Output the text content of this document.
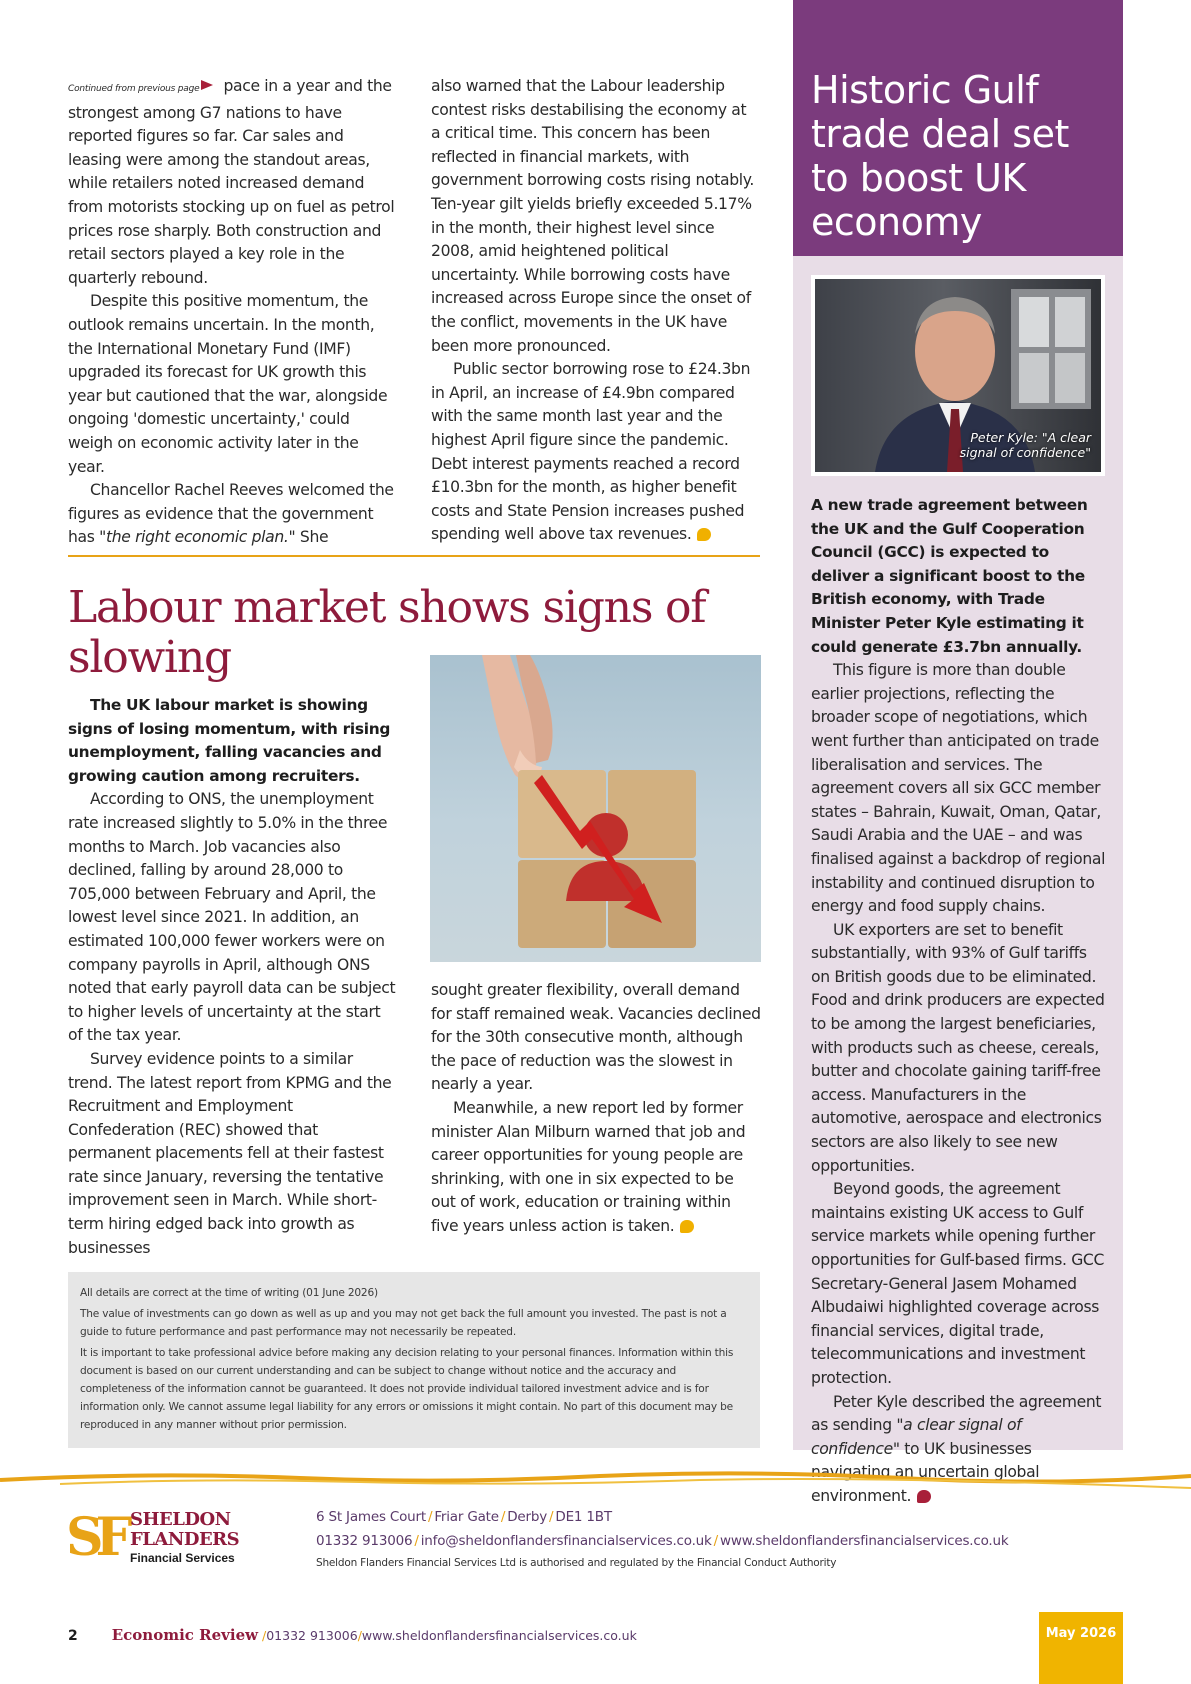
Continued from previous page pace in a year and the strongest among G7 nations to have reported figures so far. Car sales and leasing were among the standout areas, while retailers noted increased demand from motorists stocking up on fuel as petrol prices rose sharply. Both construction and retail sectors played a key role in the quarterly rebound.

Despite this positive momentum, the outlook remains uncertain. In the month, the International Monetary Fund (IMF) upgraded its forecast for UK growth this year but cautioned that the war, alongside ongoing 'domestic uncertainty,' could weigh on economic activity later in the year.

Chancellor Rachel Reeves welcomed the figures as evidence that the government has "the right economic plan." She

also warned that the Labour leadership contest risks destabilising the economy at a critical time. This concern has been reflected in financial markets, with government borrowing costs rising notably. Ten-year gilt yields briefly exceeded 5.17% in the month, their highest level since 2008, amid heightened political uncertainty. While borrowing costs have increased across Europe since the onset of the conflict, movements in the UK have been more pronounced.

Public sector borrowing rose to £24.3bn in April, an increase of £4.9bn compared with the same month last year and the highest April figure since the pandemic. Debt interest payments reached a record £10.3bn for the month, as higher benefit costs and State Pension increases pushed spending well above tax revenues.

Labour market shows signs of slowing

The UK labour market is showing signs of losing momentum, with rising unemployment, falling vacancies and growing caution among recruiters.

According to ONS, the unemployment rate increased slightly to 5.0% in the three months to March. Job vacancies also declined, falling by around 28,000 to 705,000 between February and April, the lowest level since 2021. In addition, an estimated 100,000 fewer workers were on company payrolls in April, although ONS noted that early payroll data can be subject to higher levels of uncertainty at the start of the tax year.

Survey evidence points to a similar trend. The latest report from KPMG and the Recruitment and Employment Confederation (REC) showed that permanent placements fell at their fastest rate since January, reversing the tentative improvement seen in March. While short-term hiring edged back into growth as businesses

sought greater flexibility, overall demand for staff remained weak. Vacancies declined for the 30th consecutive month, although the pace of reduction was the slowest in nearly a year.

Meanwhile, a new report led by former minister Alan Milburn warned that job and career opportunities for young people are shrinking, with one in six expected to be out of work, education or training within five years unless action is taken.

All details are correct at the time of writing (01 June 2026)

The value of investments can go down as well as up and you may not get back the full amount you invested. The past is not a guide to future performance and past performance may not necessarily be repeated.

It is important to take professional advice before making any decision relating to your personal finances. Information within this document is based on our current understanding and can be subject to change without notice and the accuracy and completeness of the information cannot be guaranteed. It does not provide individual tailored investment advice and is for information only. We cannot assume legal liability for any errors or omissions it might contain. No part of this document may be reproduced in any manner without prior permission.

Historic Gulf trade deal set to boost UK economy
Peter Kyle: "A clear signal of confidence"

A new trade agreement between the UK and the Gulf Cooperation Council (GCC) is expected to deliver a significant boost to the British economy, with Trade Minister Peter Kyle estimating it could generate £3.7bn annually.

This figure is more than double earlier projections, reflecting the broader scope of negotiations, which went further than anticipated on trade liberalisation and services. The agreement covers all six GCC member states – Bahrain, Kuwait, Oman, Qatar, Saudi Arabia and the UAE – and was finalised against a backdrop of regional instability and continued disruption to energy and food supply chains.

UK exporters are set to benefit substantially, with 93% of Gulf tariffs on British goods due to be eliminated. Food and drink producers are expected to be among the largest beneficiaries, with products such as cheese, cereals, butter and chocolate gaining tariff-free access. Manufacturers in the automotive, aerospace and electronics sectors are also likely to see new opportunities.

Beyond goods, the agreement maintains existing UK access to Gulf service markets while opening further opportunities for Gulf-based firms. GCC Secretary-General Jasem Mohamed Albudaiwi highlighted coverage across financial services, digital trade, telecommunications and investment protection.

Peter Kyle described the agreement as sending "a clear signal of confidence" to UK businesses navigating an uncertain global environment.

SF SHELDON
FLANDERS
Financial Services
6 St James Court / Friar Gate / Derby / DE1 1BT
01332 913006 / info@sheldonflandersfinancialservices.co.uk / www.sheldonflandersfinancialservices.co.uk
Sheldon Flanders Financial Services Ltd is authorised and regulated by the Financial Conduct Authority
2 Economic Review /01332 913006/www.sheldonflandersfinancialservices.co.uk	May 2026
